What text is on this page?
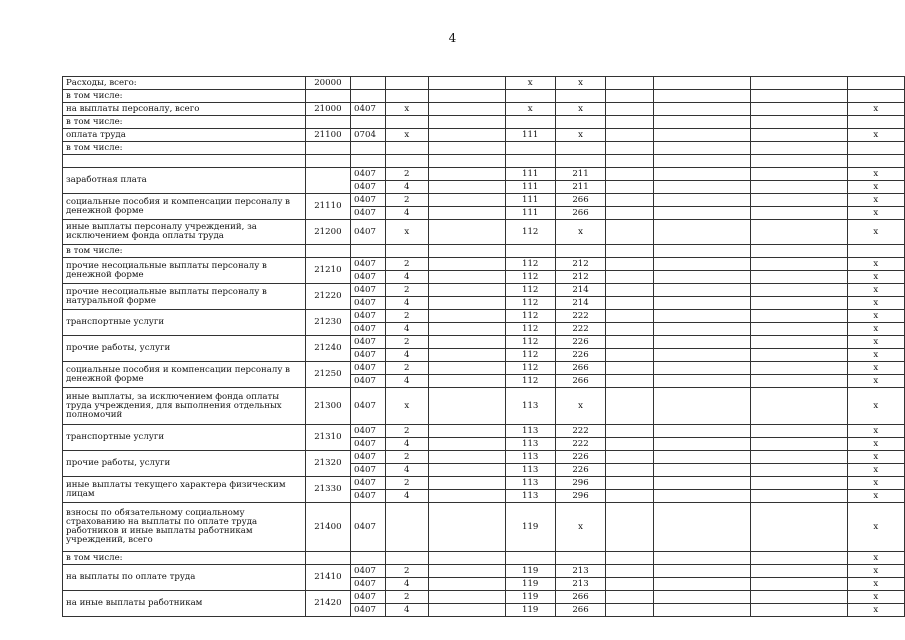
4
Расходы, всего:	20000				x	x				
в том числе:										
на выплаты персоналу, всего	21000	0407	x		x	x				x
в том числе:										
оплата труда	21100	0704	x		111	x				x
в том числе:										

заработная плата		0407	2		111	211				x
		0407	4		111	211				x
социальные пособия и компенсации персоналу в денежной форме	21110	0407	2		111	266				x
		0407	4		111	266				x
иные выплаты персоналу учреждений, за исключением фонда оплаты труда	21200	0407	x		112	x				x
в том числе:										
прочие несоциальные выплаты персоналу в денежной форме	21210	0407	2		112	212				x
		0407	4		112	212				x
прочие несоциальные выплаты персоналу в натуральной форме	21220	0407	2		112	214				x
		0407	4		112	214				x
транспортные услуги	21230	0407	2		112	222				x
		0407	4		112	222				x
прочие работы, услуги	21240	0407	2		112	226				x
		0407	4		112	226				x
социальные пособия и компенсации персоналу в денежной форме	21250	0407	2		112	266				x
		0407	4		112	266				x
иные выплаты, за исключением фонда оплаты труда учреждения, для выполнения отдельных полномочий	21300	0407	x		113	x				x
транспортные услуги	21310	0407	2		113	222				x
		0407	4		113	222				x
прочие работы, услуги	21320	0407	2		113	226				x
		0407	4		113	226				x
иные выплаты текущего характера физическим лицам	21330	0407	2		113	296				x
		0407	4		113	296				x
взносы по обязательному социальному страхованию на выплаты по оплате труда работников и иные выплаты работникам учреждений, всего	21400	0407			119	x				x
в том числе:										x
на выплаты по оплате труда	21410	0407	2		119	213				x
		0407	4		119	213				x
на иные выплаты работникам	21420	0407	2		119	266				x
		0407	4		119	266				x
